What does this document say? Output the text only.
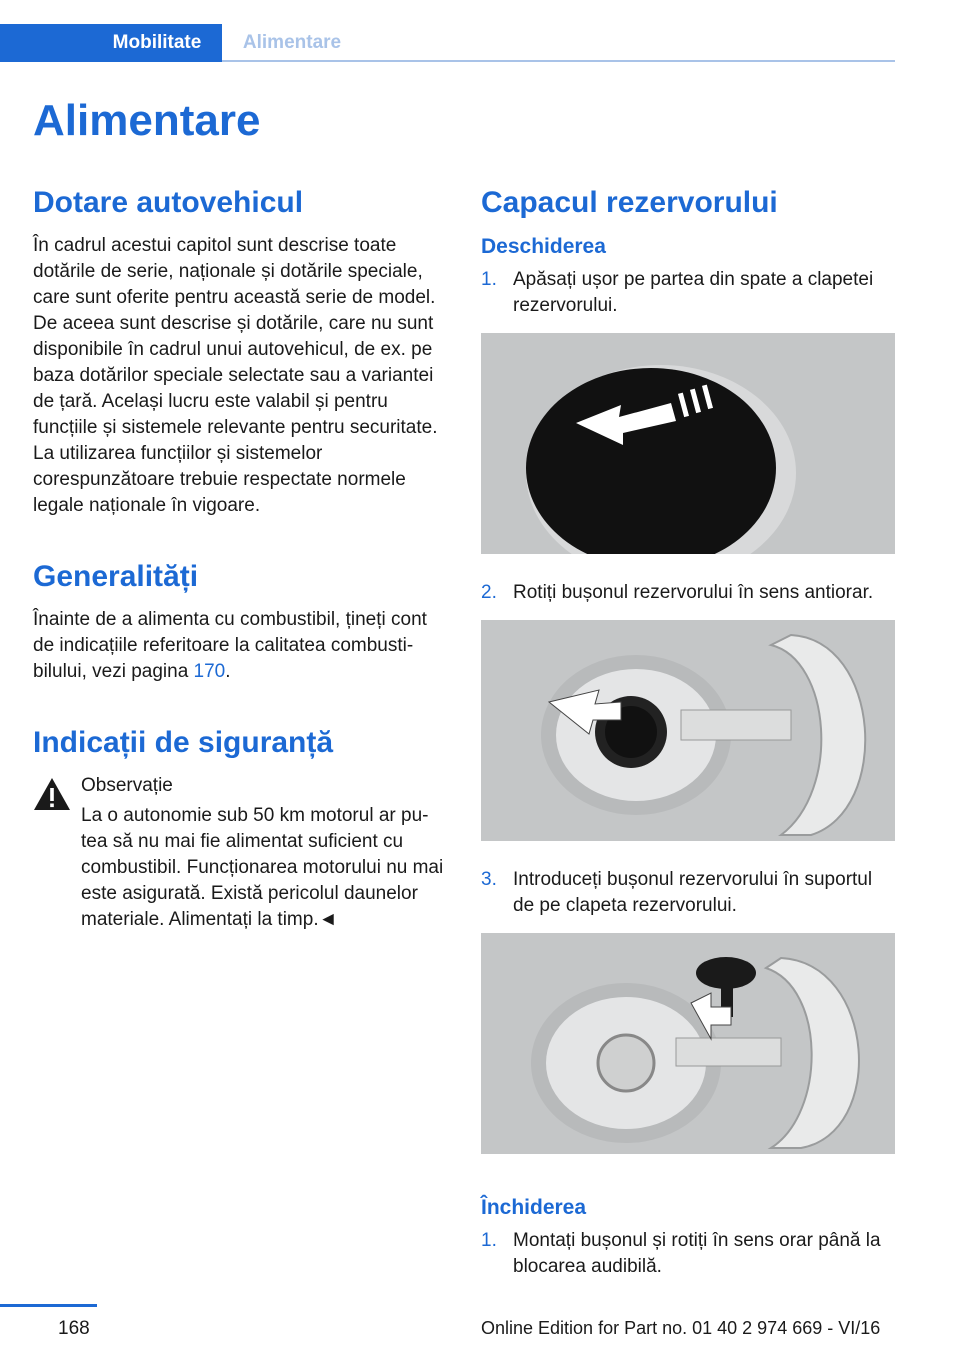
Mobilitate	Alimentare
Alimentare
Dotare autovehicul

În cadrul acestui capitol sunt descrise toate dotările de serie, naționale și dotările speciale, care sunt oferite pentru această serie de model. De aceea sunt descrise și dotările, care nu sunt disponibile în cadrul unui autovehicul, de ex. pe baza dotărilor speciale selectate sau a variantei de țară. Același lucru este valabil și pentru funcțiile și sistemele relevante pentru securitate. La utilizarea funcțiilor și sistemelor corespunzătoare trebuie respectate normele legale naționale în vigoare.

Generalități

Înainte de a alimenta cu combustibil, țineți cont de indicațiile referitoare la calitatea combustibilului, vezi pagina 170.

Indicații de siguranță

Observație

La o autonomie sub 50 km motorul ar putea să nu mai fie alimentat suficient cu combustibil. Funcționarea motorului nu mai este asigurată. Există pericolul daunelor materiale. Alimentați la timp.◄

Capacul rezervorului
Deschiderea
1. Apăsați ușor pe partea din spate a clapetei rezervorului.
2. Rotiți bușonul rezervorului în sens antiorar.
3. Introduceți bușonul rezervorului în suportul de pe clapeta rezervorului.
Închiderea
1. Montați bușonul și rotiți în sens orar până la blocarea audibilă.
168	Online Edition for Part no. 01 40 2 974 669 - VI/16
